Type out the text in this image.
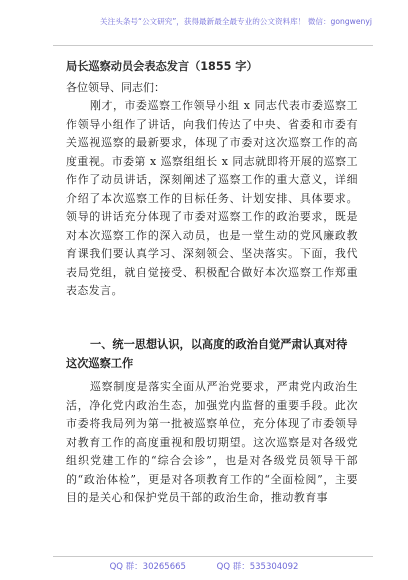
关注头条号“公文研究”，获得最新最全最专业的公文资料库！ 微信：gongwenyj
局长巡察动员会表态发言（1855 字）
各位领导、同志们：
刚才，市委巡察工作领导小组 x 同志代表市委巡察工作领导小组作了讲话，向我们传达了中央、省委和市委有关巡视巡察的最新要求，体现了市委对这次巡察工作的高度重视。市委第 x 巡察组组长 x 同志就即将开展的巡察工作作了动员讲话，深刻阐述了巡察工作的重大意义，详细介绍了本次巡察工作的目标任务、计划安排、具体要求。领导的讲话充分体现了市委对巡察工作的政治要求，既是对本次巡察工作的深入动员，也是一堂生动的党风廉政教育课我们要认真学习、深刻领会、坚决落实。下面，我代表局党组，就自觉接受、积极配合做好本次巡察工作郑重表态发言。
一、统一思想认识，以高度的政治自觉严肃认真对待这次巡察工作
巡察制度是落实全面从严治党要求，严肃党内政治生活，净化党内政治生态，加强党内监督的重要手段。此次市委将我局列为第一批被巡察单位，充分体现了市委领导对教育工作的高度重视和殷切期望。这次巡察是对各级党组织党建工作的“综合会诊”，也是对各级党员领导干部的“政治体检”，更是对各项教育工作的“全面检阅”，主要目的是关心和保护党员干部的政治生命，推动教育事
QQ 群：30265665	QQ 群：535304092
